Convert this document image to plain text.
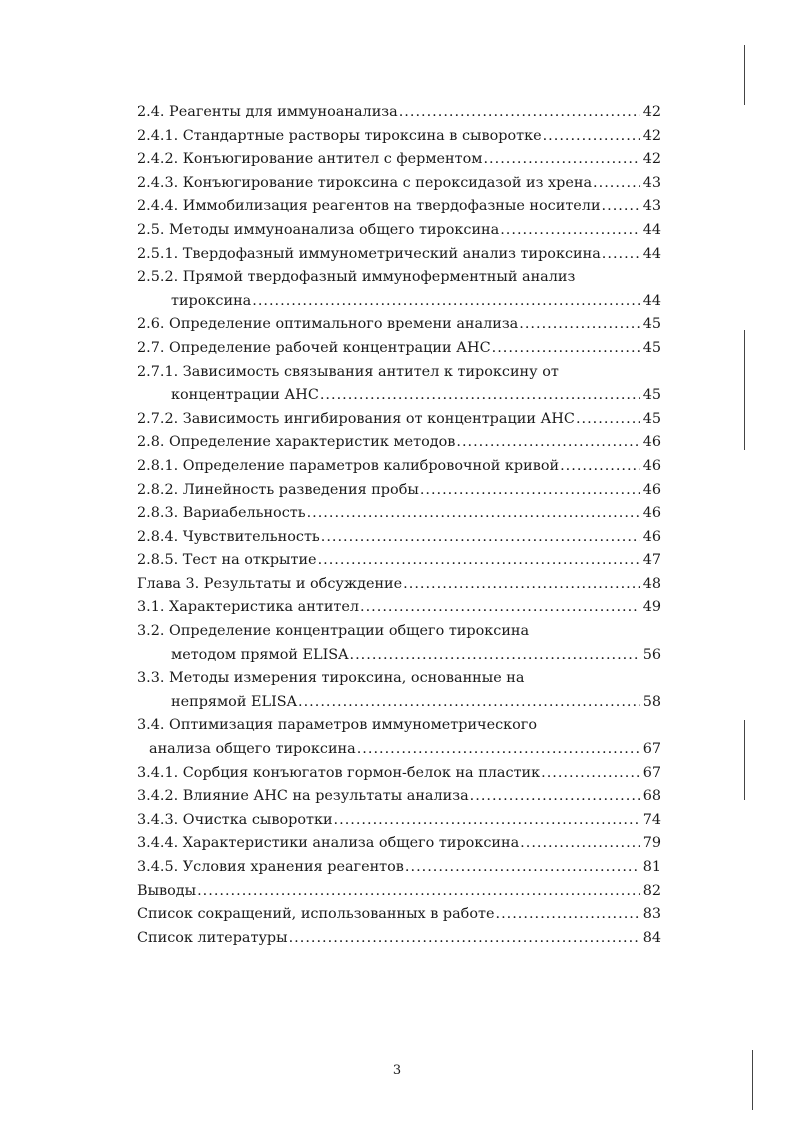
2.4. Реагенты для иммуноанализа .....	42
2.4.1. Стандартные растворы тироксина в сыворотке .....	42
2.4.2. Конъюгирование антител с ферментом .....	42
2.4.3. Конъюгирование тироксина с пероксидазой из хрена .....	43
2.4.4. Иммобилизация реагентов на твердофазные носители .....	43
2.5. Методы иммуноанализа общего тироксина .....	44
2.5.1. Твердофазный иммунометрический анализ тироксина .....	44
2.5.2. Прямой твердофазный иммуноферментный анализ
тироксина .....	44
2.6. Определение оптимального времени анализа .....	45
2.7. Определение рабочей концентрации АНС .....	45
2.7.1. Зависимость связывания антител к тироксину от
концентрации АНС .....	45
2.7.2. Зависимость ингибирования от концентрации АНС .....	45
2.8. Определение характеристик методов .....	46
2.8.1. Определение параметров калибровочной кривой .....	46
2.8.2. Линейность разведения пробы .....	46
2.8.3. Вариабельность .....	46
2.8.4. Чувствительность .....	46
2.8.5. Тест на открытие .....	47
Глава 3. Результаты и обсуждение .....	48
3.1. Характеристика антител .....	49
3.2. Определение концентрации общего тироксина
методом прямой ELISA .....	56
3.3. Методы измерения тироксина, основанные на
непрямой ELISA .....	58
3.4. Оптимизация параметров иммунометрического
анализа общего тироксина .....	67
3.4.1. Сорбция конъюгатов гормон-белок на пластик .....	67
3.4.2. Влияние АНС на результаты анализа .....	68
3.4.3. Очистка сыворотки .....	74
3.4.4. Характеристики анализа общего тироксина .....	79
3.4.5. Условия хранения реагентов .....	81
Выводы .....	82
Список сокращений, использованных в работе .....	83
Список литературы .....	84
3
